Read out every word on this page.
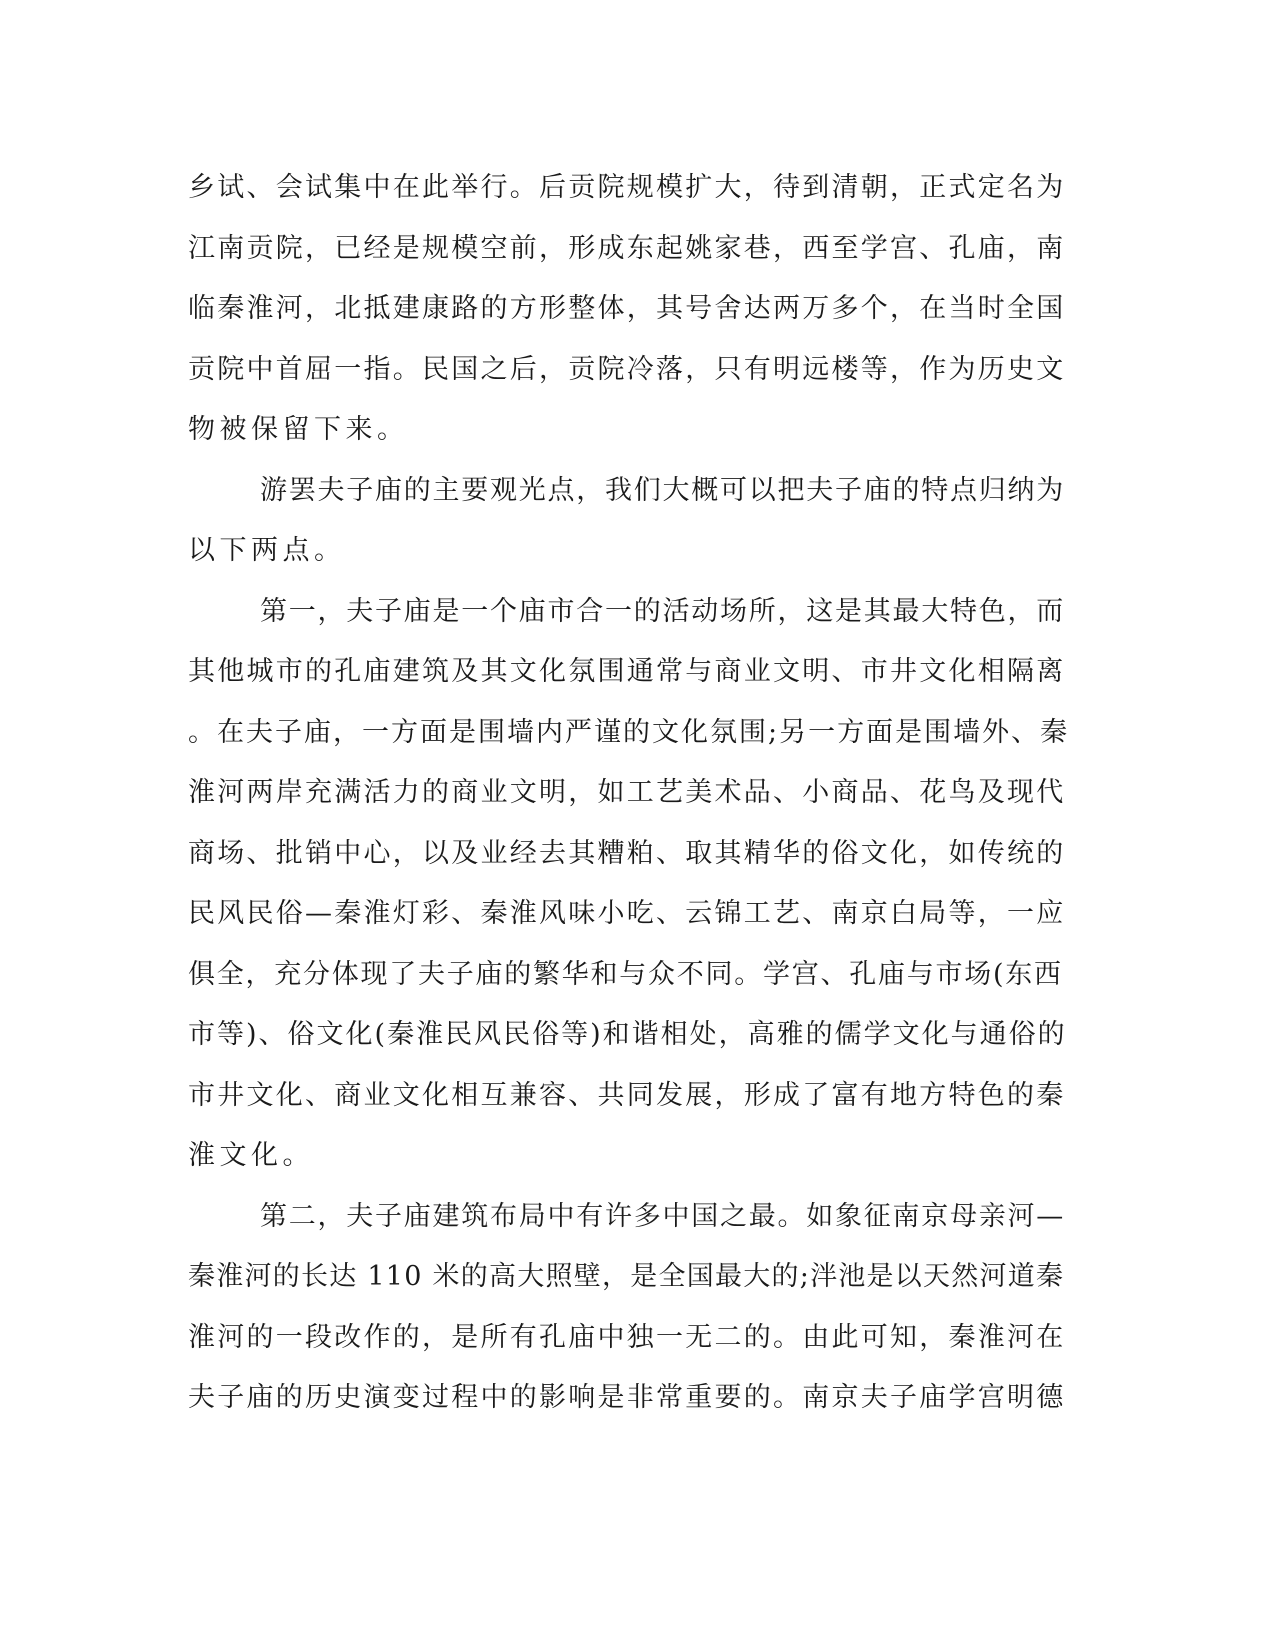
乡试、会试集中在此举行。后贡院规模扩大，待到清朝，正式定名为
江南贡院，已经是规模空前，形成东起姚家巷，西至学宫、孔庙，南
临秦淮河，北抵建康路的方形整体，其号舍达两万多个，在当时全国
贡院中首屈一指。民国之后，贡院冷落，只有明远楼等，作为历史文
物被保留下来。
游罢夫子庙的主要观光点，我们大概可以把夫子庙的特点归纳为
以下两点。
第一，夫子庙是一个庙市合一的活动场所，这是其最大特色，而
其他城市的孔庙建筑及其文化氛围通常与商业文明、市井文化相隔离
。在夫子庙，一方面是围墙内严谨的文化氛围;另一方面是围墙外、秦
淮河两岸充满活力的商业文明，如工艺美术品、小商品、花鸟及现代
商场、批销中心，以及业经去其糟粕、取其精华的俗文化，如传统的
民风民俗—秦淮灯彩、秦淮风味小吃、云锦工艺、南京白局等，一应
俱全，充分体现了夫子庙的繁华和与众不同。学宫、孔庙与市场(东西
市等)、俗文化(秦淮民风民俗等)和谐相处，高雅的儒学文化与通俗的
市井文化、商业文化相互兼容、共同发展，形成了富有地方特色的秦
淮文化。
第二，夫子庙建筑布局中有许多中国之最。如象征南京母亲河—
秦淮河的长达 110 米的高大照壁，是全国最大的;泮池是以天然河道秦
淮河的一段改作的，是所有孔庙中独一无二的。由此可知，秦淮河在
夫子庙的历史演变过程中的影响是非常重要的。南京夫子庙学宫明德
